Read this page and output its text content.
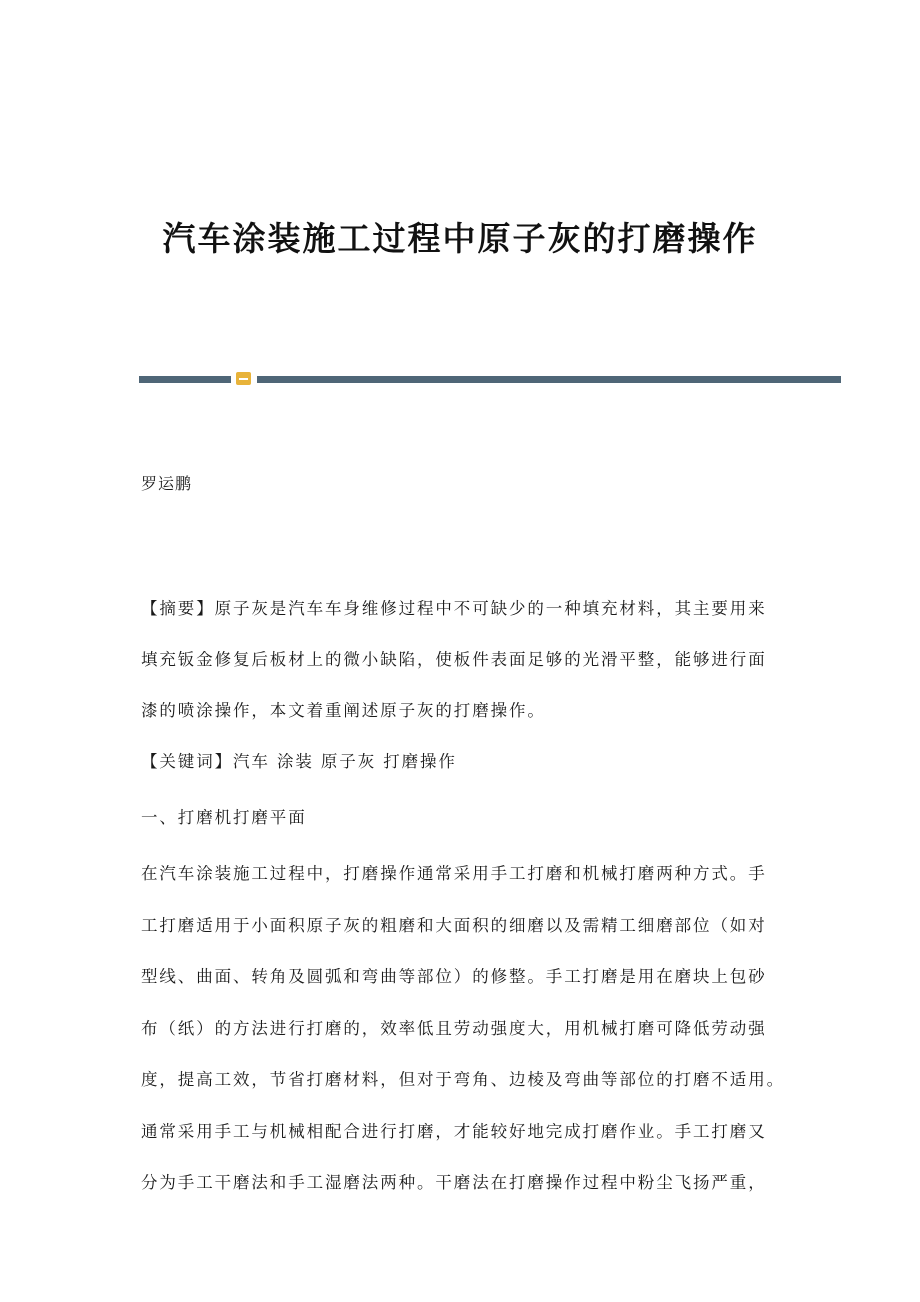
汽车涂装施工过程中原子灰的打磨操作
罗运鹏
【摘要】原子灰是汽车车身维修过程中不可缺少的一种填充材料，其主要用来
填充钣金修复后板材上的微小缺陷，使板件表面足够的光滑平整，能够进行面
漆的喷涂操作，本文着重阐述原子灰的打磨操作。
【关键词】汽车 涂装 原子灰 打磨操作
一、打磨机打磨平面
在汽车涂装施工过程中，打磨操作通常采用手工打磨和机械打磨两种方式。手
工打磨适用于小面积原子灰的粗磨和大面积的细磨以及需精工细磨部位（如对
型线、曲面、转角及圆弧和弯曲等部位）的修整。手工打磨是用在磨块上包砂
布（纸）的方法进行打磨的，效率低且劳动强度大，用机械打磨可降低劳动强
度，提高工效，节省打磨材料，但对于弯角、边棱及弯曲等部位的打磨不适用。
通常采用手工与机械相配合进行打磨，才能较好地完成打磨作业。手工打磨又
分为手工干磨法和手工湿磨法两种。干磨法在打磨操作过程中粉尘飞扬严重，
